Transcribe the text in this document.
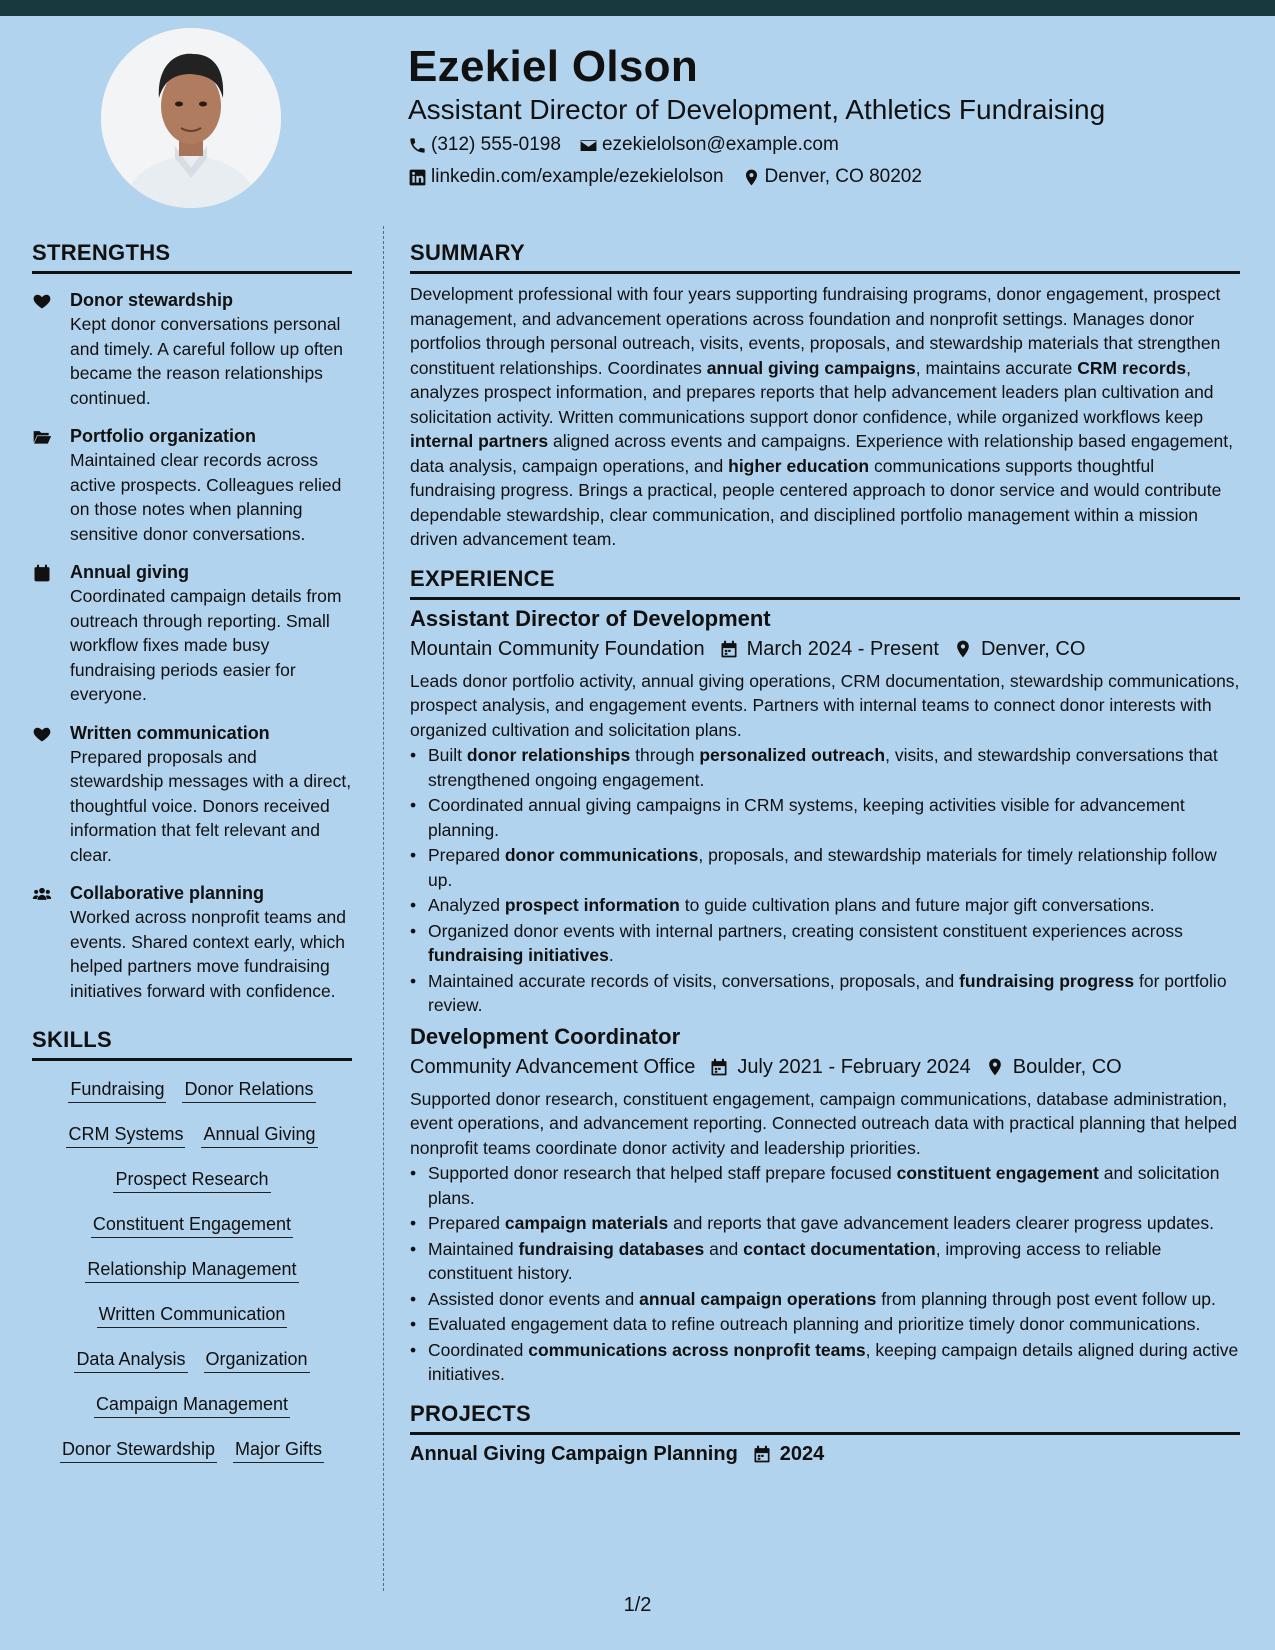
Ezekiel Olson
Assistant Director of Development, Athletics Fundraising
(312) 555-0198 ezekielolson@example.com
linkedin.com/example/ezekielolson Denver, CO 80202
STRENGTHS
Donor stewardship
Kept donor conversations personal and timely. A careful follow up often became the reason relationships continued.
Portfolio organization
Maintained clear records across active prospects. Colleagues relied on those notes when planning sensitive donor conversations.
Annual giving
Coordinated campaign details from outreach through reporting. Small workflow fixes made busy fundraising periods easier for everyone.
Written communication
Prepared proposals and stewardship messages with a direct, thoughtful voice. Donors received information that felt relevant and clear.
Collaborative planning
Worked across nonprofit teams and events. Shared context early, which helped partners move fundraising initiatives forward with confidence.
SKILLS
Fundraising Donor Relations
CRM Systems Annual Giving
Prospect Research
Constituent Engagement
Relationship Management
Written Communication
Data Analysis Organization
Campaign Management
Donor Stewardship Major Gifts
SUMMARY
Development professional with four years supporting fundraising programs, donor engagement, prospect management, and advancement operations across foundation and nonprofit settings. Manages donor portfolios through personal outreach, visits, events, proposals, and stewardship materials that strengthen constituent relationships. Coordinates annual giving campaigns, maintains accurate CRM records, analyzes prospect information, and prepares reports that help advancement leaders plan cultivation and solicitation activity. Written communications support donor confidence, while organized workflows keep internal partners aligned across events and campaigns. Experience with relationship based engagement, data analysis, campaign operations, and higher education communications supports thoughtful fundraising progress. Brings a practical, people centered approach to donor service and would contribute dependable stewardship, clear communication, and disciplined portfolio management within a mission driven advancement team.
EXPERIENCE
Assistant Director of Development
Mountain Community Foundation	March 2024 - Present	Denver, CO
Leads donor portfolio activity, annual giving operations, CRM documentation, stewardship communications, prospect analysis, and engagement events. Partners with internal teams to connect donor interests with organized cultivation and solicitation plans.
• Built donor relationships through personalized outreach, visits, and stewardship conversations that strengthened ongoing engagement.
• Coordinated annual giving campaigns in CRM systems, keeping activities visible for advancement planning.
• Prepared donor communications, proposals, and stewardship materials for timely relationship follow up.
• Analyzed prospect information to guide cultivation plans and future major gift conversations.
• Organized donor events with internal partners, creating consistent constituent experiences across fundraising initiatives.
• Maintained accurate records of visits, conversations, proposals, and fundraising progress for portfolio review.
Development Coordinator
Community Advancement Office	July 2021 - February 2024	Boulder, CO
Supported donor research, constituent engagement, campaign communications, database administration, event operations, and advancement reporting. Connected outreach data with practical planning that helped nonprofit teams coordinate donor activity and leadership priorities.
• Supported donor research that helped staff prepare focused constituent engagement and solicitation plans.
• Prepared campaign materials and reports that gave advancement leaders clearer progress updates.
• Maintained fundraising databases and contact documentation, improving access to reliable constituent history.
• Assisted donor events and annual campaign operations from planning through post event follow up.
• Evaluated engagement data to refine outreach planning and prioritize timely donor communications.
• Coordinated communications across nonprofit teams, keeping campaign details aligned during active initiatives.
PROJECTS
Annual Giving Campaign Planning 2024
1/2
